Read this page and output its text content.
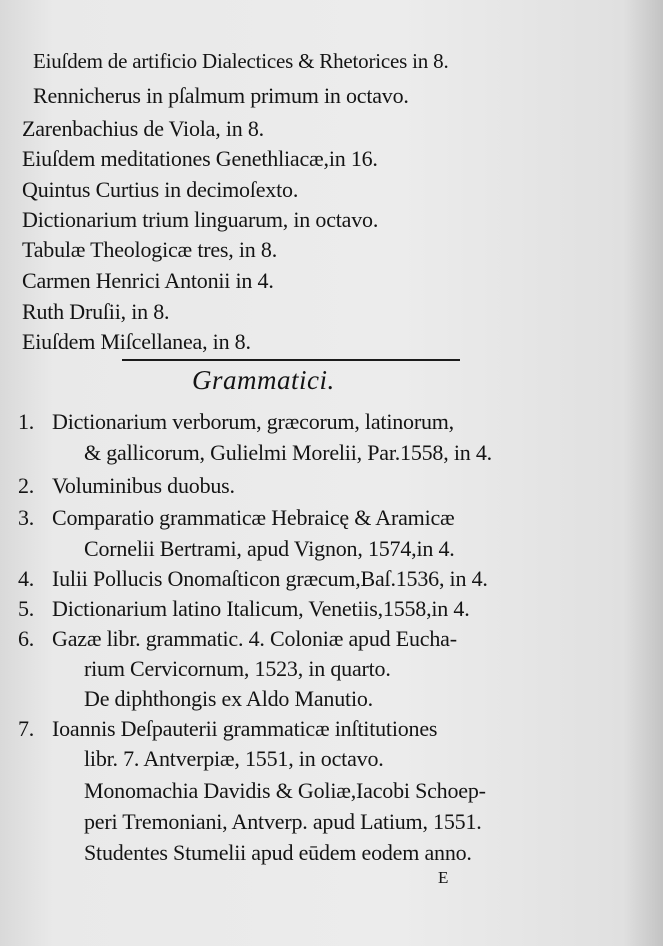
Eiuſdem de artificio Dialectices & Rhetorices in 8.
Rennicherus in pſalmum primum in octavo.
Zarenbachius de Viola, in 8.
Eiuſdem meditationes Genethliacæ,in 16.
Quintus Curtius in decimoſexto.
Dictionarium trium linguarum, in octavo.
Tabulæ Theologicæ tres, in 8.
Carmen Henrici Antonii in 4.
Ruth Druſii, in 8.
Eiuſdem Miſcellanea, in 8.
Grammatici.
1. Dictionarium verborum, græcorum, latinorum,
& gallicorum, Gulielmi Morelii, Par.1558, in 4.
2. Voluminibus duobus.
3. Comparatio grammaticæ Hebraicę & Aramicæ
Cornelii Bertrami, apud Vignon, 1574,in 4.
4. Iulii Pollucis Onomaſticon græcum,Baſ.1536, in 4.
5. Dictionarium latino Italicum, Venetiis,1558,in 4.
6. Gazæ libr. grammatic. 4. Coloniæ apud Eucha-
rium Cervicornum, 1523, in quarto.
De diphthongis ex Aldo Manutio.
7. Ioannis Deſpauterii grammaticæ inſtitutiones
libr. 7. Antverpiæ, 1551, in octavo.
Monomachia Davidis & Goliæ,Iacobi Schoep-
peri Tremoniani, Antverp. apud Latium, 1551.
Studentes Stumelii apud eūdem eodem anno.
E
